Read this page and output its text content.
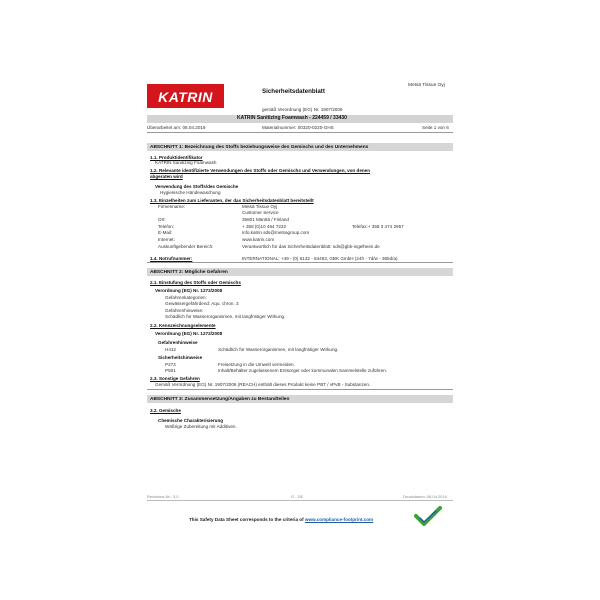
KATRIN	Sicherheitsdatenblatt
Metsä Tissue Oyj
gemäß Verordnung (EG) Nr. 1907/2006
KATRIN Sanitizing Foamwash - 224459 / 33430
Überarbeitet am: 08.04.2019	Materialnummer: 00320-0220-GHS	Seite 1 von 6
ABSCHNITT 1: Bezeichnung des Stoffs beziehungsweise des Gemischs und des Unternehmens
1.1. Produktidentifikator
KATRIN Sanitizing Foamwash
1.2. Relevante identifizierte Verwendungen des Stoffs oder Gemischs und Verwendungen, von denen
abgeraten wird
Verwendung des Stoffs/des Gemische
Hygienische Händewaschung
1.3. Einzelheiten zum Lieferanten, der das Sicherheitsdatenblatt bereitstellt
Firmenname:	Metsä Tissue Oyj
Customer Service
Ort:	35801 Mänttä / Finland
Telefon:	+ 358 (0)10 464 7222	Telefax:+ 358 3 474 2957
E-Mail:	info.katrin.sds@metsagroup.com
Internet:	www.katrin.com
Auskunftgebender Bereich:	Verantwortlich für das Sicherheitsdatenblatt: sds@gbk-ingelheim.de
1.4. Notrufnummer:	INTERNATIONAL: +49 - (0) 6132 - 84463, GBK GmbH (24h - 7d/w - 365d/a)
ABSCHNITT 2: Mögliche Gefahren
2.1. Einstufung des Stoffs oder Gemischs
Verordnung (EG) Nr. 1272/2008
Gefahrenkategorien:
Gewässergefährdend: Aqu. chron. 3
Gefahrenhinweise:
Schädlich für Wasserorganismen, mit langfristiger Wirkung.
2.2. Kennzeichnungselemente
Verordnung (EG) Nr. 1272/2008
Gefahrenhinweise
H412	Schädlich für Wasserorganismen, mit langfristiger Wirkung.
Sicherheitshinweise
P273	Freisetzung in die Umwelt vermeiden.
P501	Inhalt/Behälter zugelassenem Entsorger oder kommunalen Sammelstelle zuführen.
2.3. Sonstige Gefahren
Gemäß Verordnung (EG) Nr. 1907/2006 (REACH) enthält dieses Produkt keine PBT / vPvB - Substanzen.
ABSCHNITT 3: Zusammensetzung/Angaben zu Bestandteilen
3.2. Gemische
Chemische Charakterisierung
Wäßrige Zubereitung mit Additiven.
Revisions-Nr.: 3,0	G - DE	Druckdatum: 08.04.2019
This Safety Data Sheet corresponds to the criteria of www.compliance-footprint.com
